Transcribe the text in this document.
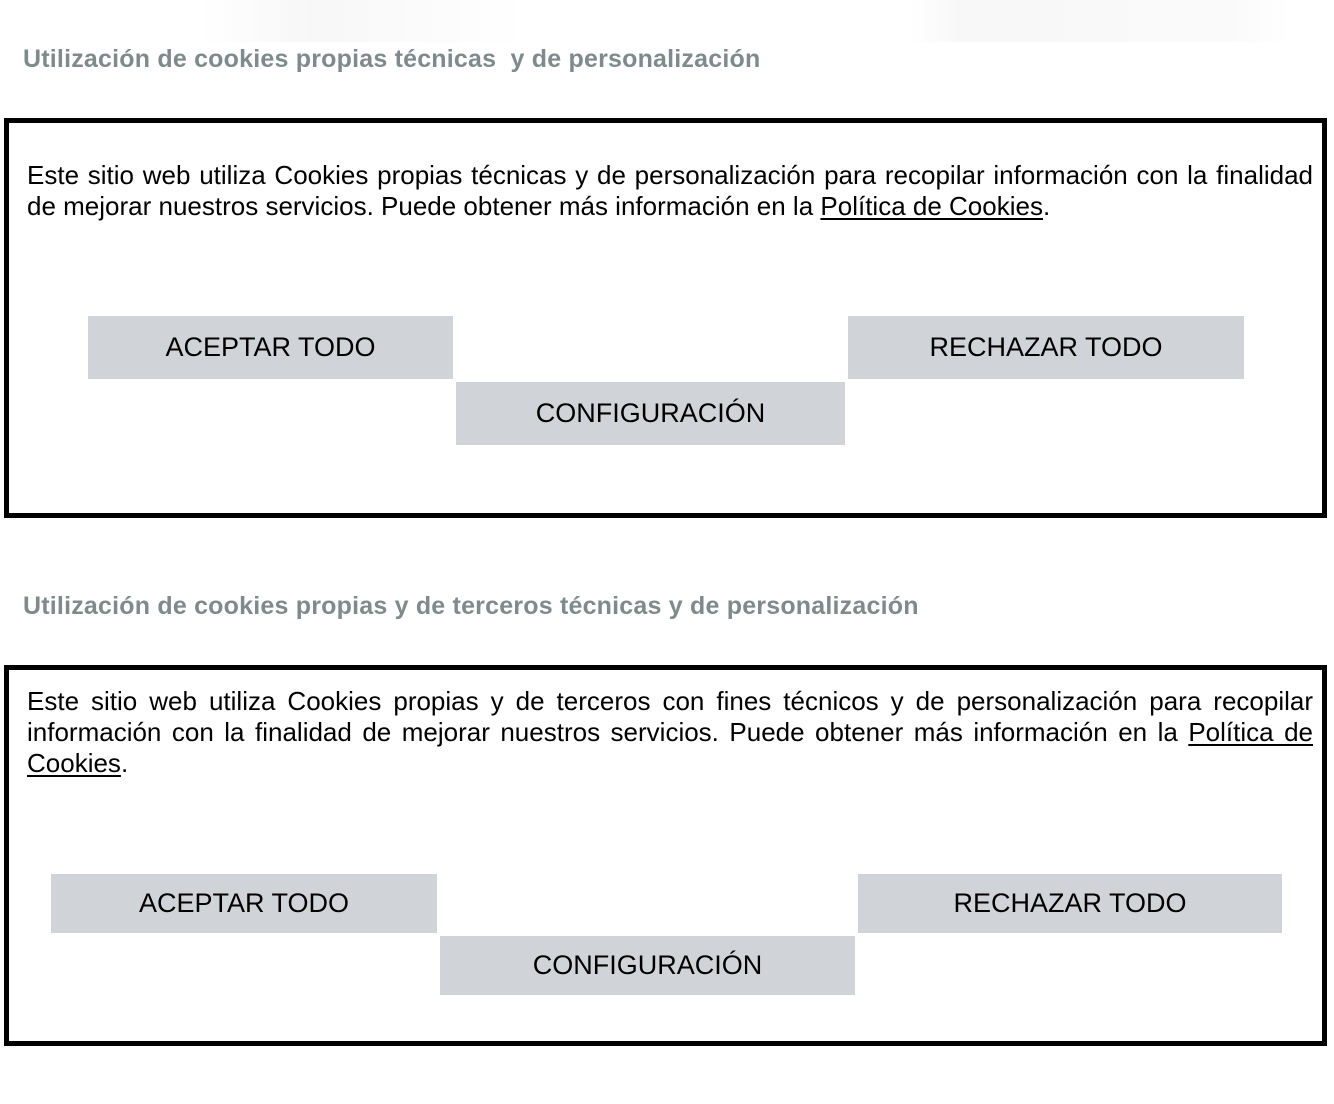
Utilización de cookies propias técnicas  y de personalización

Este sitio web utiliza Cookies propias técnicas y de personalización para recopilar información con la finalidad de mejorar nuestros servicios. Puede obtener más información en la Política de Cookies.

ACEPTAR TODO	RECHAZAR TODO
CONFIGURACIÓN
Utilización de cookies propias y de terceros técnicas y de personalización

Este sitio web utiliza Cookies propias y de terceros con fines técnicos y de personalización para recopilar información con la finalidad de mejorar nuestros servicios. Puede obtener más información en la Política de Cookies.

ACEPTAR TODO	RECHAZAR TODO
CONFIGURACIÓN
